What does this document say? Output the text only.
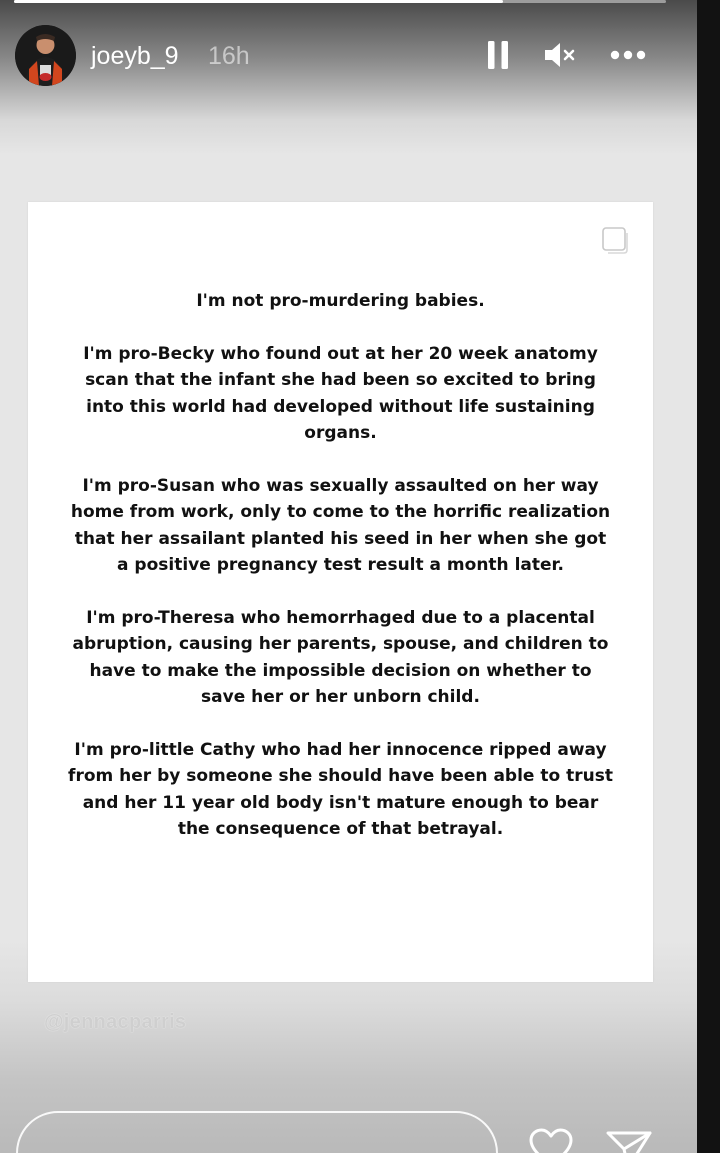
joeyb_9 16h

I'm not pro-murdering babies.

I'm pro-Becky who found out at her 20 week anatomy scan that the infant she had been so excited to bring into this world had developed without life sustaining organs.

I'm pro-Susan who was sexually assaulted on her way home from work, only to come to the horrific realization that her assailant planted his seed in her when she got a positive pregnancy test result a month later.

I'm pro-Theresa who hemorrhaged due to a placental abruption, causing her parents, spouse, and children to have to make the impossible decision on whether to save her or her unborn child.

I'm pro-little Cathy who had her innocence ripped away from her by someone she should have been able to trust and her 11 year old body isn't mature enough to bear the consequence of that betrayal.

@jennacparris
Reply to joeyb_9...
